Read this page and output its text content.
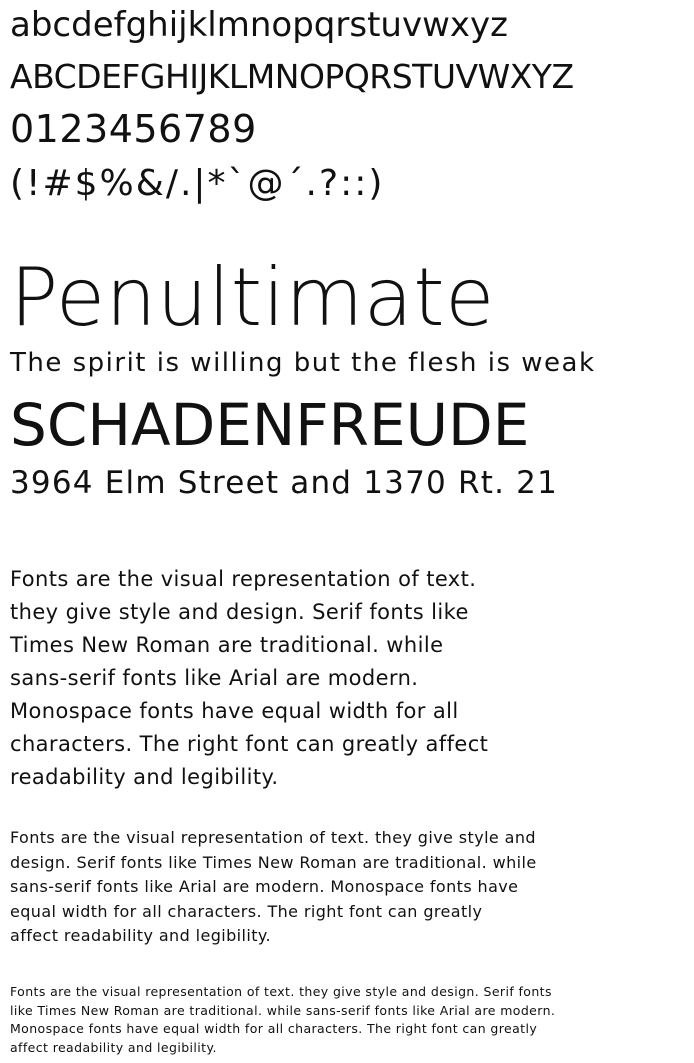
abcdefghijklmnopqrstuvwxyz
ABCDEFGHIJKLMNOPQRSTUVWXYZ
0123456789
(!#$%&/.|*`@´.?::)
Penultimate
The spirit is willing but the flesh is weak
SCHADENFREUDE
3964 Elm Street and 1370 Rt. 21

Fonts are the visual representation of text.
they give style and design. Serif fonts like
Times New Roman are traditional. while
sans-serif fonts like Arial are modern.
Monospace fonts have equal width for all
characters. The right font can greatly affect
readability and legibility.

Fonts are the visual representation of text. they give style and
design. Serif fonts like Times New Roman are traditional. while
sans-serif fonts like Arial are modern. Monospace fonts have
equal width for all characters. The right font can greatly
affect readability and legibility.

Fonts are the visual representation of text. they give style and design. Serif fonts
like Times New Roman are traditional. while sans-serif fonts like Arial are modern.
Monospace fonts have equal width for all characters. The right font can greatly
affect readability and legibility.
